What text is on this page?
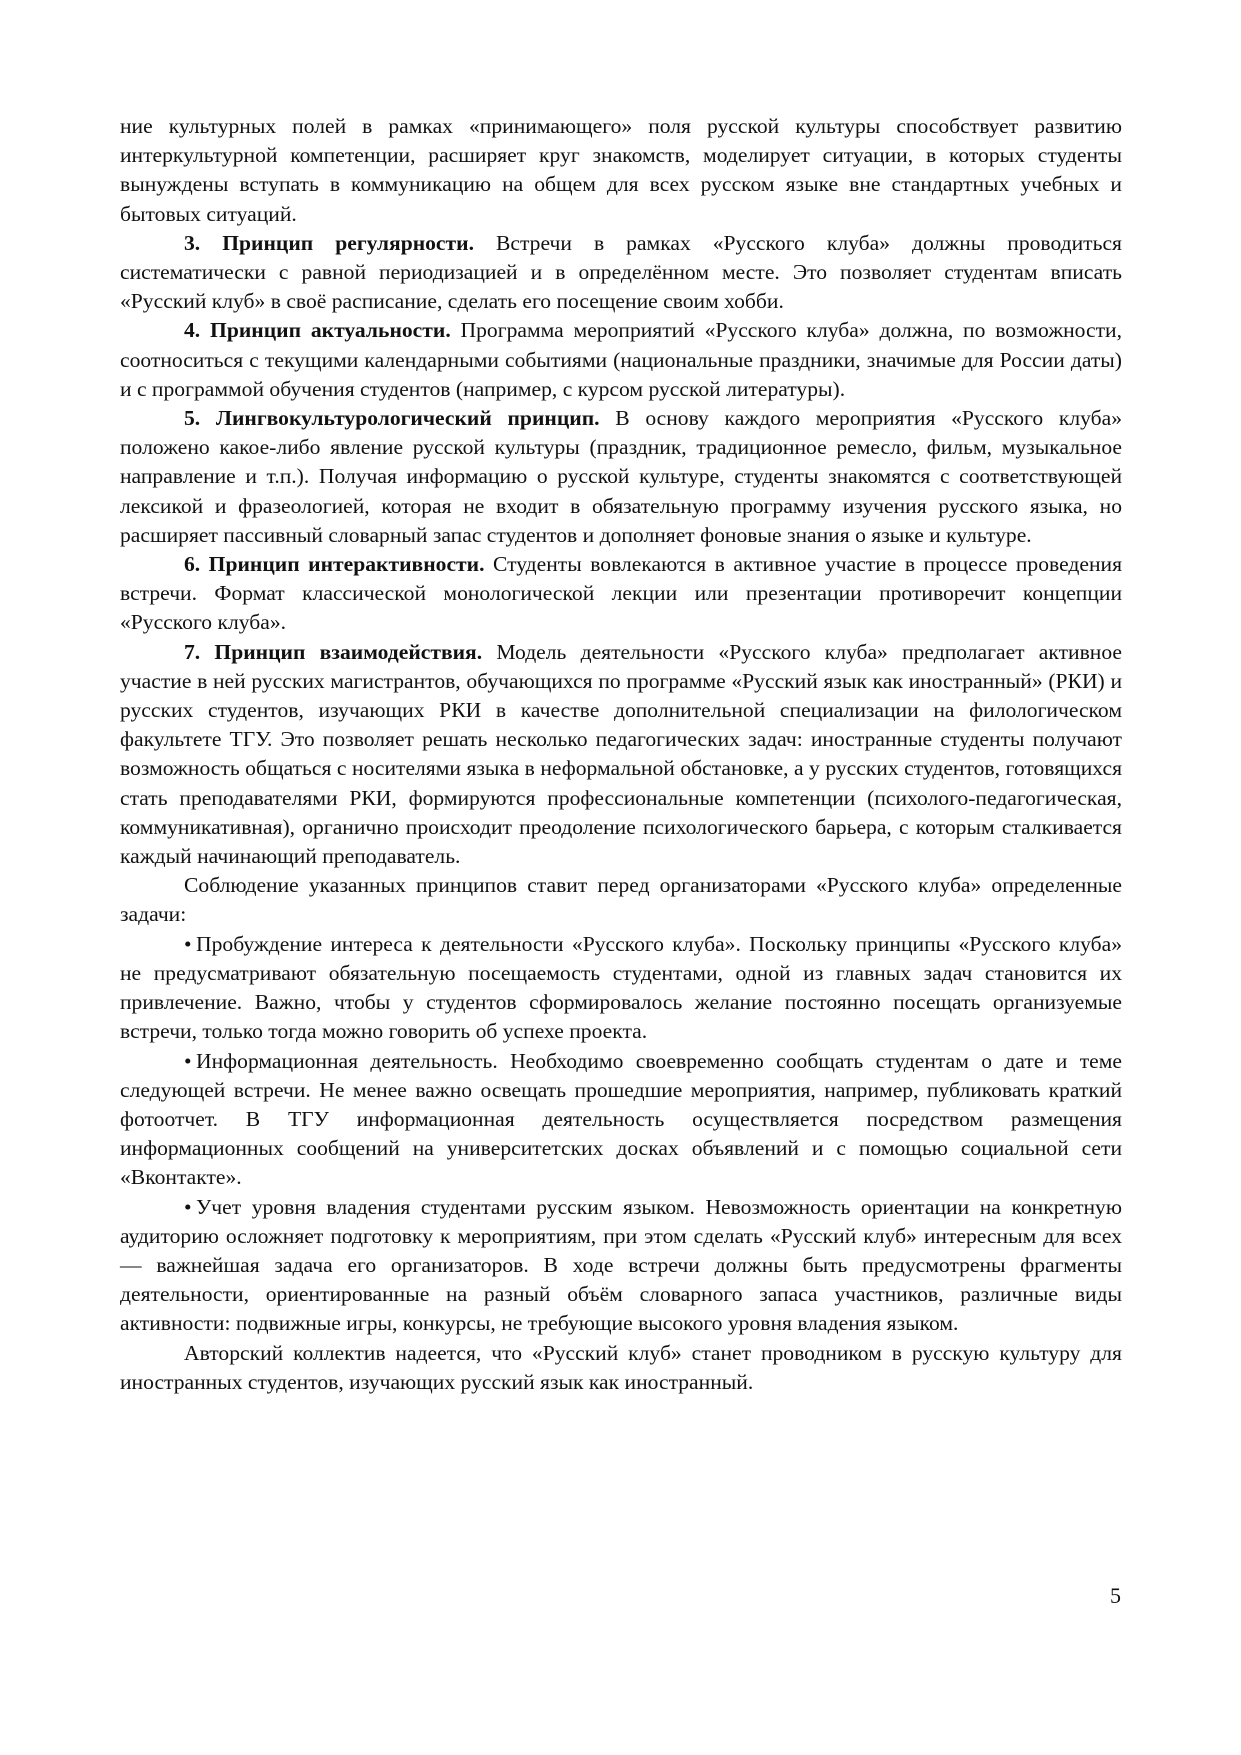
ние культурных полей в рамках «принимающего» поля русской культуры способствует развитию интеркультурной компетенции, расширяет круг знакомств, моделирует ситуации, в которых студенты вынуждены вступать в коммуникацию на общем для всех русском языке вне стандартных учебных и бытовых ситуаций.

3. Принцип регулярности. Встречи в рамках «Русского клуба» должны проводиться систематически с равной периодизацией и в определённом месте. Это позволяет студентам вписать «Русский клуб» в своё расписание, сделать его посещение своим хобби.

4. Принцип актуальности. Программа мероприятий «Русского клуба» должна, по возможности, соотноситься с текущими календарными событиями (национальные праздники, значимые для России даты) и с программой обучения студентов (например, с курсом русской литературы).

5. Лингвокультурологический принцип. В основу каждого мероприятия «Русского клуба» положено какое-либо явление русской культуры (праздник, традиционное ремесло, фильм, музыкальное направление и т.п.). Получая информацию о русской культуре, студенты знакомятся с соответствующей лексикой и фразеологией, которая не входит в обязательную программу изучения русского языка, но расширяет пассивный словарный запас студентов и дополняет фоновые знания о языке и культуре.

6. Принцип интерактивности. Студенты вовлекаются в активное участие в процессе проведения встречи. Формат классической монологической лекции или презентации противоречит концепции «Русского клуба».

7. Принцип взаимодействия. Модель деятельности «Русского клуба» предполагает активное участие в ней русских магистрантов, обучающихся по программе «Русский язык как иностранный» (РКИ) и русских студентов, изучающих РКИ в качестве дополнительной специализации на филологическом факультете ТГУ. Это позволяет решать несколько педагогических задач: иностранные студенты получают возможность общаться с носителями языка в неформальной обстановке, а у русских студентов, готовящихся стать преподавателями РКИ, формируются профессиональные компетенции (психолого-педагогическая, коммуникативная), органично происходит преодоление психологического барьера, с которым сталкивается каждый начинающий преподаватель.

Соблюдение указанных принципов ставит перед организаторами «Русского клуба» определенные задачи:

• Пробуждение интереса к деятельности «Русского клуба». Поскольку принципы «Русского клуба» не предусматривают обязательную посещаемость студентами, одной из главных задач становится их привлечение. Важно, чтобы у студентов сформировалось желание постоянно посещать организуемые встречи, только тогда можно говорить об успехе проекта.

• Информационная деятельность. Необходимо своевременно сообщать студентам о дате и теме следующей встречи. Не менее важно освещать прошедшие мероприятия, например, публиковать краткий фотоотчет. В ТГУ информационная деятельность осуществляется посредством размещения информационных сообщений на университетских досках объявлений и с помощью социальной сети «Вконтакте».

• Учет уровня владения студентами русским языком. Невозможность ориентации на конкретную аудиторию осложняет подготовку к мероприятиям, при этом сделать «Русский клуб» интересным для всех — важнейшая задача его организаторов. В ходе встречи должны быть предусмотрены фрагменты деятельности, ориентированные на разный объём словарного запаса участников, различные виды активности: подвижные игры, конкурсы, не требующие высокого уровня владения языком.

Авторский коллектив надеется, что «Русский клуб» станет проводником в русскую культуру для иностранных студентов, изучающих русский язык как иностранный.

5
